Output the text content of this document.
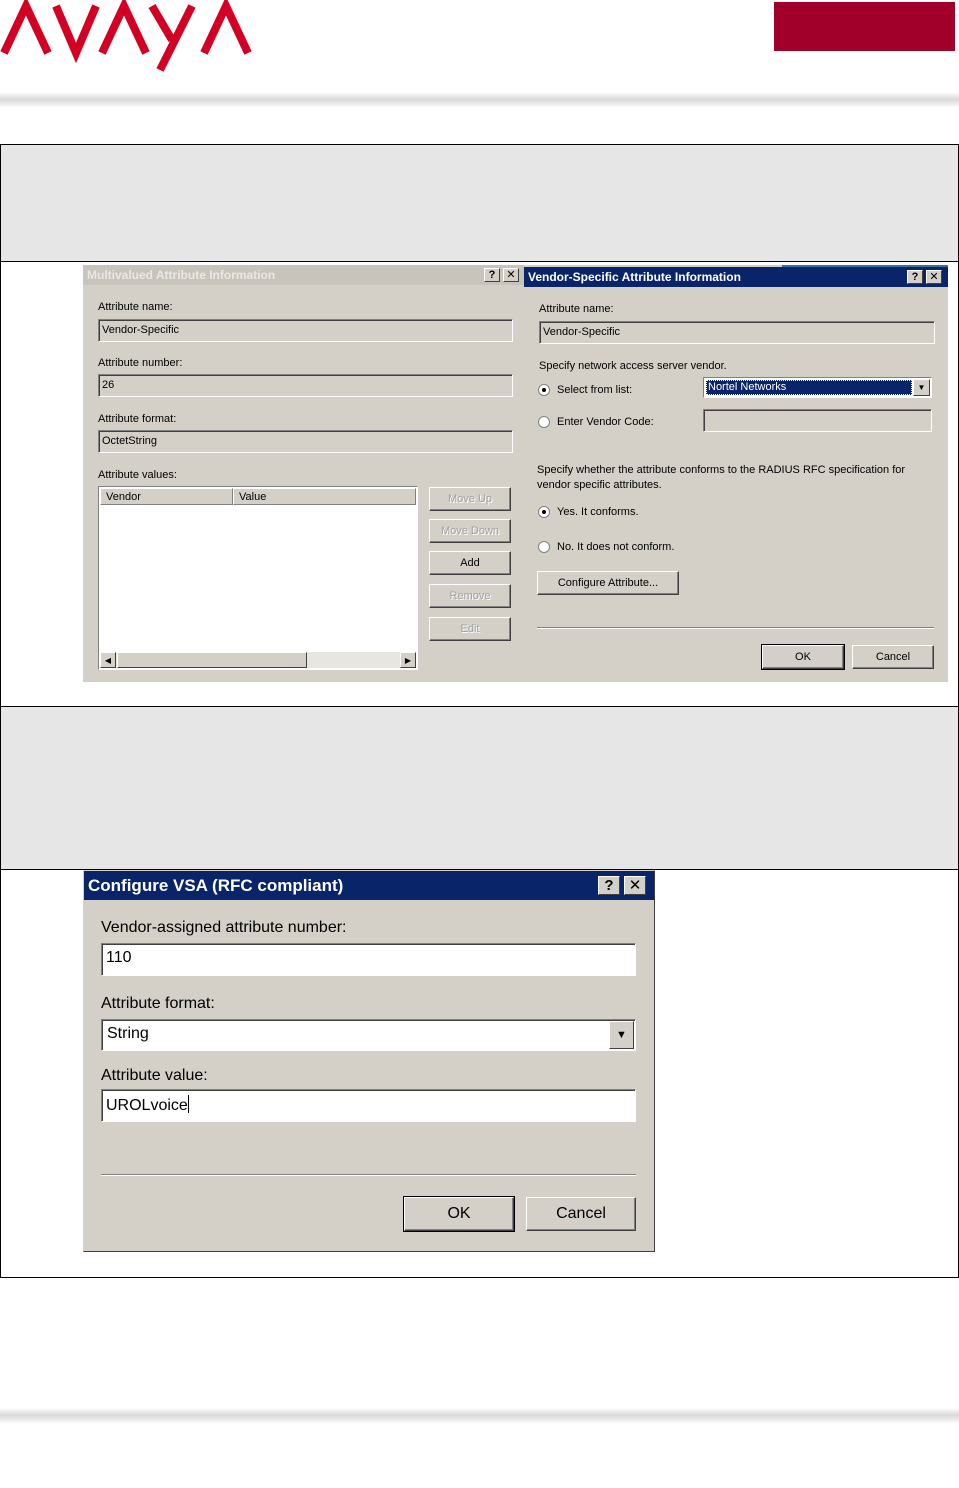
Multivalued Attribute Information	?	✕
Attribute name:
Vendor-Specific
Attribute number:
26
Attribute format:
OctetString
Attribute values:
Vendor	Value
◀	▶
Move Up
Move Down
Add
Remove
Edit
Vendor-Specific Attribute Information	?	✕
Attribute name:
Vendor-Specific
Specify network access server vendor.
Select from list:	Nortel Networks	▼
Enter Vendor Code:
Specify whether the attribute conforms to the RADIUS RFC specification for
vendor specific attributes.
Yes. It conforms.
No. It does not conform.
Configure Attribute...
OK	Cancel
Configure VSA (RFC compliant)	?	✕
Vendor-assigned attribute number:
110
Attribute format:
String	▼
Attribute value:
UROLvoice
OK	Cancel
